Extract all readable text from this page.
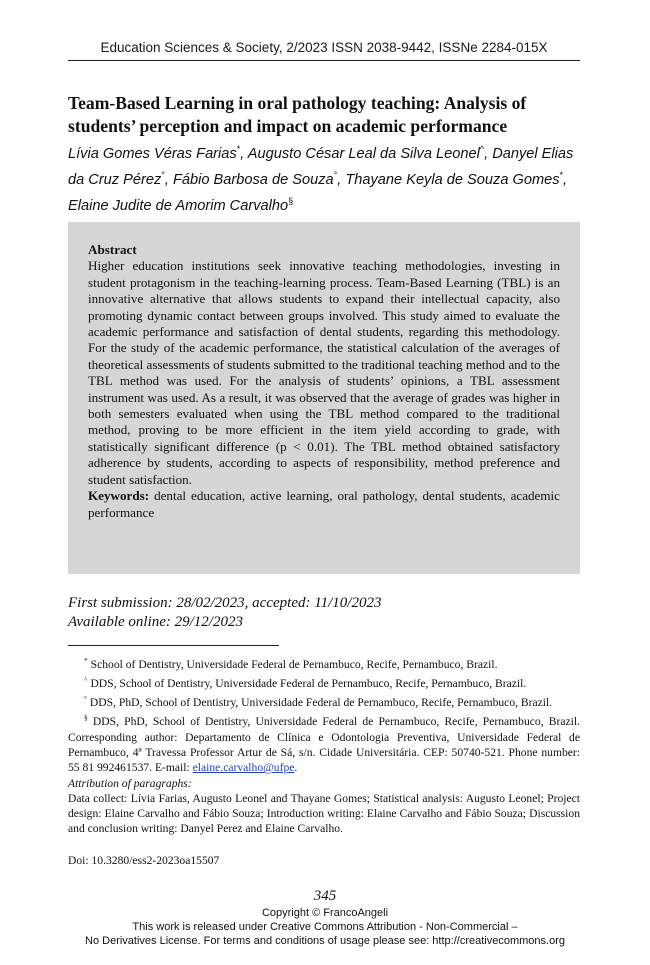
Education Sciences & Society, 2/2023 ISSN 2038-9442, ISSNe 2284-015X
Team-Based Learning in oral pathology teaching: Analysis of students’ perception and impact on academic performance
Lívia Gomes Véras Farias*, Augusto César Leal da Silva Leonel^, Danyel Elias da Cruz Pérez°, Fábio Barbosa de Souza°, Thayane Keyla de Souza Gomes*, Elaine Judite de Amorim Carvalho§
Abstract
Higher education institutions seek innovative teaching methodologies, investing in student protagonism in the teaching-learning process. Team-Based Learning (TBL) is an innovative alternative that allows students to expand their intellectual capacity, also promoting dynamic contact between groups involved. This study aimed to evaluate the academic performance and satisfaction of dental students, regarding this methodology. For the study of the academic performance, the statistical calculation of the averages of theoretical assessments of students submitted to the traditional teaching method and to the TBL method was used. For the analysis of students’ opinions, a TBL assessment instrument was used. As a result, it was observed that the average of grades was higher in both semesters evaluated when using the TBL method compared to the traditional method, proving to be more efficient in the item yield according to grade, with statistically significant difference (p < 0.01). The TBL method obtained satisfactory adherence by students, according to aspects of responsibility, method preference and student satisfaction.
Keywords: dental education, active learning, oral pathology, dental students, academic performance
First submission: 28/02/2023, accepted: 11/10/2023
Available online: 29/12/2023

* School of Dentistry, Universidade Federal de Pernambuco, Recife, Pernambuco, Brazil.

^ DDS, School of Dentistry, Universidade Federal de Pernambuco, Recife, Pernambuco, Brazil.

° DDS, PhD, School of Dentistry, Universidade Federal de Pernambuco, Recife, Pernambuco, Brazil.

§ DDS, PhD, School of Dentistry, Universidade Federal de Pernambuco, Recife, Pernambuco, Brazil. Corresponding author: Departamento de Clínica e Odontologia Preventiva, Universidade Federal de Pernambuco, 4ª Travessa Professor Artur de Sá, s/n. Cidade Universitária. CEP: 50740-521. Phone number: 55 81 992461537. E-mail: elaine.carvalho@ufpe.

Attribution of paragraphs:

Data collect: Lívia Farias, Augusto Leonel and Thayane Gomes; Statistical analysis: Augusto Leonel; Project design: Elaine Carvalho and Fábio Souza; Introduction writing: Elaine Carvalho and Fábio Souza; Discussion and conclusion writing: Danyel Perez and Elaine Carvalho.

Doi: 10.3280/ess2-2023oa15507
345
Copyright © FrancoAngeli
This work is released under Creative Commons Attribution - Non-Commercial –
No Derivatives License. For terms and conditions of usage please see: http://creativecommons.org
